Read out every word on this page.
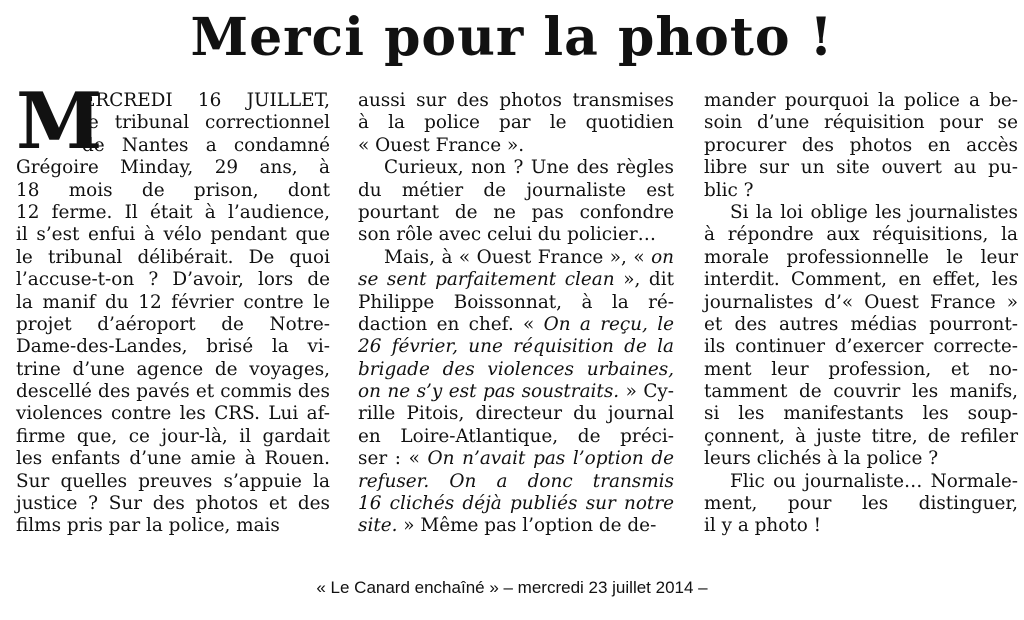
Merci pour la photo !
M
ERCREDI 16 JUILLET,
le tribunal correctionnel
de Nantes a condamné
Grégoire Minday, 29 ans, à
18 mois de prison, dont
12 ferme. Il était à l’audience,
il s’est enfui à vélo pendant que
le tribunal délibérait. De quoi
l’accuse-t-on ? D’avoir, lors de
la manif du 12 février contre le
projet d’aéroport de Notre-
Dame-des-Landes, brisé la vi-
trine d’une agence de voyages,
descellé des pavés et commis des
violences contre les CRS. Lui af-
firme que, ce jour-là, il gardait
les enfants d’une amie à Rouen.
Sur quelles preuves s’appuie la
justice ? Sur des photos et des
films pris par la police, mais
aussi sur des photos transmises
à la police par le quotidien
« Ouest France ».
Curieux, non ? Une des règles
du métier de journaliste est
pourtant de ne pas confondre
son rôle avec celui du policier…
Mais, à « Ouest France », « on
se sent parfaitement clean », dit
Philippe Boissonnat, à la ré-
daction en chef. « On a reçu, le
26 février, une réquisition de la
brigade des violences urbaines,
on ne s’y est pas soustraits. » Cy-
rille Pitois, directeur du journal
en Loire-Atlantique, de préci-
ser : « On n’avait pas l’option de
refuser. On a donc transmis
16 clichés déjà publiés sur notre
site. » Même pas l’option de de-
mander pourquoi la police a be-
soin d’une réquisition pour se
procurer des photos en accès
libre sur un site ouvert au pu-
blic ?
Si la loi oblige les journalistes
à répondre aux réquisitions, la
morale professionnelle le leur
interdit. Comment, en effet, les
journalistes d’« Ouest France »
et des autres médias pourront-
ils continuer d’exercer correcte-
ment leur profession, et no-
tamment de couvrir les manifs,
si les manifestants les soup-
çonnent, à juste titre, de refiler
leurs clichés à la police ?
Flic ou journaliste… Normale-
ment, pour les distinguer,
il y a photo !
« Le Canard enchaîné » – mercredi 23 juillet 2014 –
